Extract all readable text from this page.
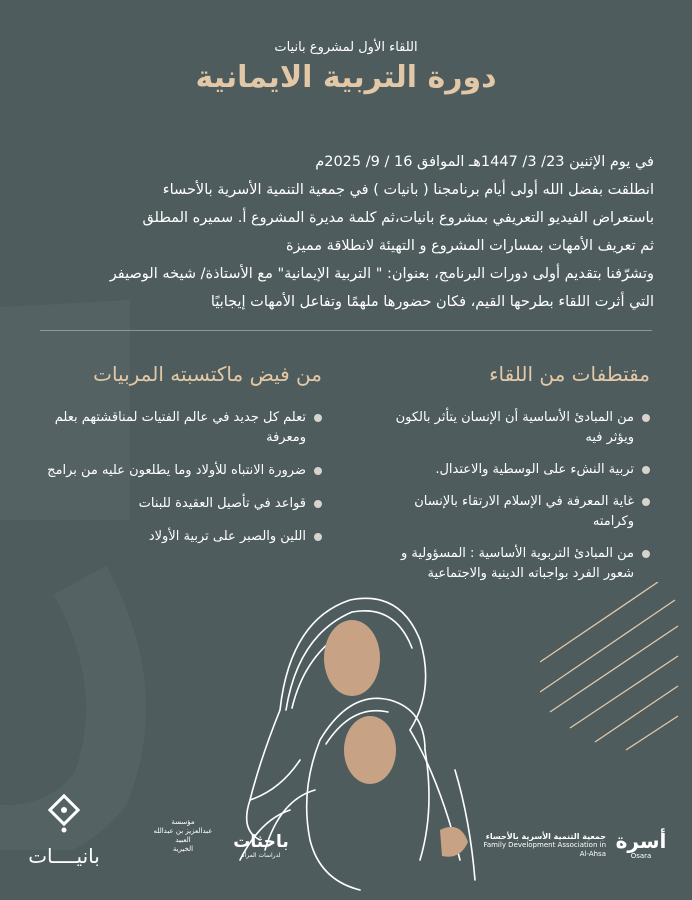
اللقاء الأول لمشروع بانيات
دورة التربية الايمانية

في يوم الإثنين 23/ 3/ 1447هـ الموافق 16 / 9/ 2025م

انطلقت بفضل الله أولى أيام برنامجنا ( بانيات ) في جمعية التنمية الأسرية بالأحساء

باستعراض الفيديو التعريفي بمشروع بانيات،ثم كلمة مديرة المشروع أ. سميره المطلق

ثم تعريف الأمهات بمسارات المشروع و التهيئة لانطلاقة مميزة

وتشرّفنا بتقديم أولى دورات البرنامج، بعنوان: " التربية الإيمانية" مع الأستاذة/ شيخه الوصيفر

التي أثرت اللقاء بطرحها القيم، فكان حضورها ملهمًا وتفاعل الأمهات إيجابيًا

مقتطفات من اللقاء
من المبادئ الأساسية أن الإنسان يتأثر بالكون ويؤثر فيه
تربية النشء على الوسطية والاعتدال.
غاية المعرفة في الإسلام الارتقاء بالإنسان وكرامته
من المبادئ التربوية الأساسية : المسؤولية و شعور الفرد بواجباته الدينية والاجتماعية
من فيض ماكتسبته المربيات
تعلم كل جديد في عالم الفتيات لمناقشتهم بعلم ومعرفة
ضرورة الانتباه للأولاد وما يطلعون عليه من برامج
قواعد في تأصيل العقيدة للبنات
اللين والصبر على تربية الأولاد
بانيــــات
مؤسسة
عبدالعزيز بن عبدالله العبيد
الخيرية	باحثات
لدراسات المرأة
جمعية التنمية الأسرية بالأحساء
Family Development Association in Al-Ahsa
أسرة
Osara
